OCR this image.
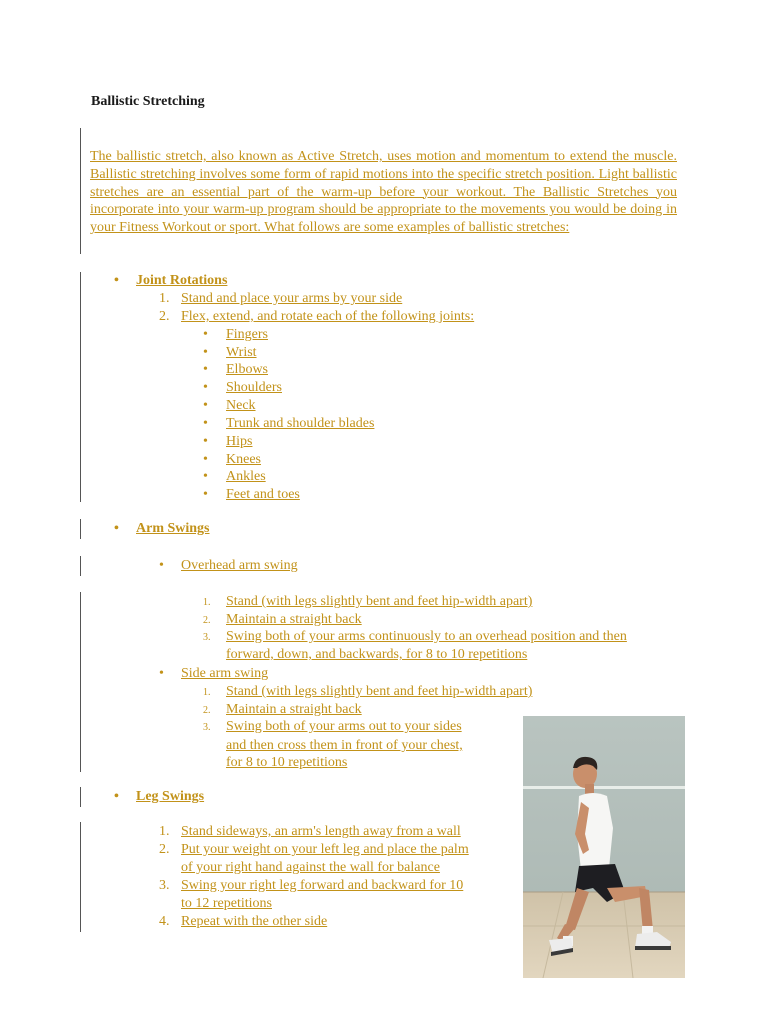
Ballistic Stretching
The ballistic stretch, also known as Active Stretch, uses motion and momentum to extend the muscle. Ballistic stretching involves some form of rapid motions into the specific stretch position. Light ballistic stretches are an essential part of the warm-up before your workout. The Ballistic Stretches you incorporate into your warm-up program should be appropriate to the movements you would be doing in your Fitness Workout or sport. What follows are some examples of ballistic stretches:
• Joint Rotations
1. Stand and place your arms by your side
2. Flex, extend, and rotate each of the following joints:
• Fingers
• Wrist
• Elbows
• Shoulders
• Neck
• Trunk and shoulder blades
• Hips
• Knees
• Ankles
• Feet and toes
• Arm Swings
• Overhead arm swing
1. Stand (with legs slightly bent and feet hip-width apart)
2. Maintain a straight back
3. Swing both of your arms continuously to an overhead position and then
forward, down, and backwards, for 8 to 10 repetitions
• Side arm swing
1. Stand (with legs slightly bent and feet hip-width apart)
2. Maintain a straight back
3. Swing both of your arms out to your sides
and then cross them in front of your chest,
for 8 to 10 repetitions
• Leg Swings
1. Stand sideways, an arm's length away from a wall
2. Put your weight on your left leg and place the palm
of your right hand against the wall for balance
3. Swing your right leg forward and backward for 10
to 12 repetitions
4. Repeat with the other side
